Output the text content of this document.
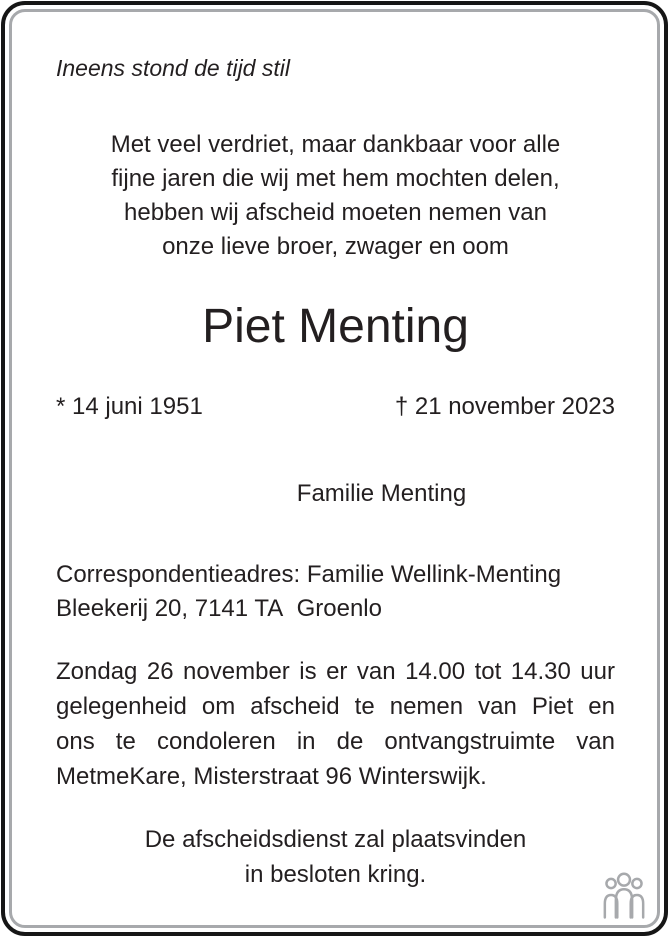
Ineens stond de tijd stil
Met veel verdriet, maar dankbaar voor alle
fijne jaren die wij met hem mochten delen,
hebben wij afscheid moeten nemen van
onze lieve broer, zwager en oom
Piet Menting
* 14 juni 1951	† 21 november 2023
Familie Menting
Correspondentieadres: Familie Wellink-Menting
Bleekerij 20, 7141 TA  Groenlo
Zondag 26 november is er van 14.00 tot 14.30 uur
gelegenheid om afscheid te nemen van Piet en
ons te condoleren in de ontvangstruimte van
MetmeKare, Misterstraat 96 Winterswijk.
De afscheidsdienst zal plaatsvinden
in besloten kring.
